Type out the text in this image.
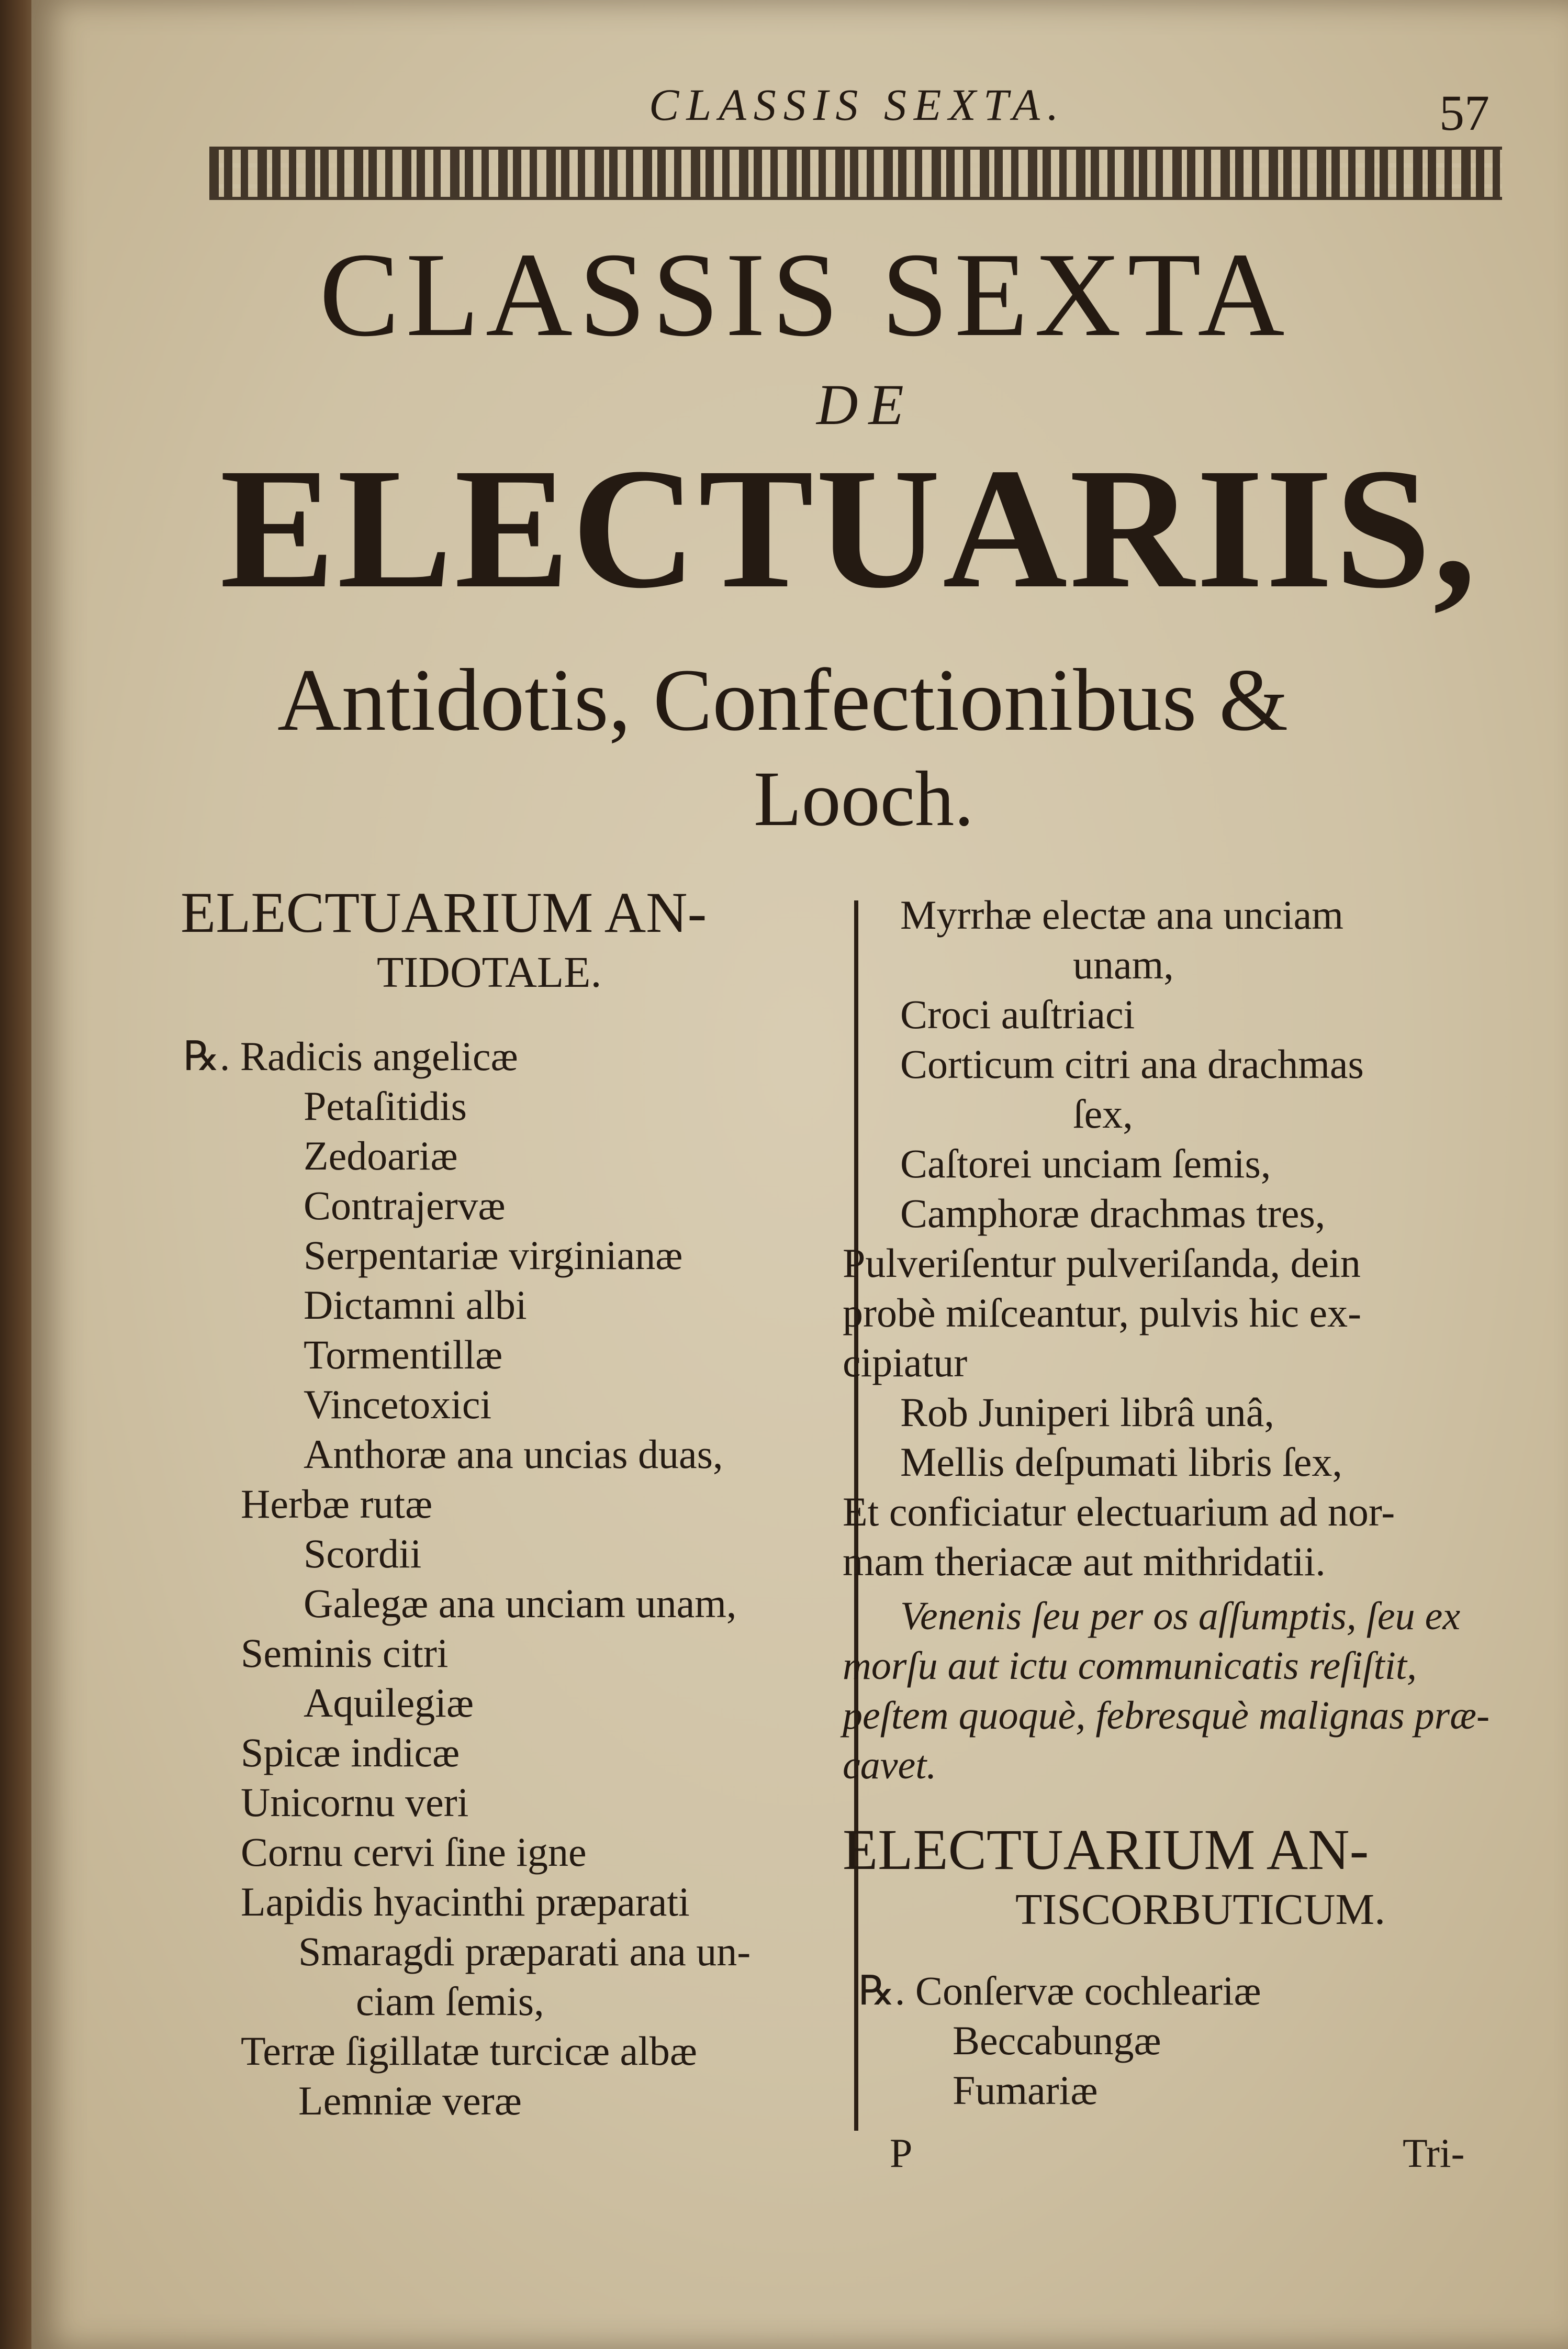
CLASSIS SEXTA.	57
CLASSIS SEXTA
DE
ELECTUARIIS,
Antidotis, Confectionibus &
Looch.
ELECTUARIUM AN-
TIDOTALE.
℞. Radicis angelicæ
Petaſitidis
Zedoariæ
Contrajervæ
Serpentariæ virginianæ
Dictamni albi
Tormentillæ
Vincetoxici
Anthoræ ana uncias duas,
Herbæ rutæ
Scordii
Galegæ ana unciam unam,
Seminis citri
Aquilegiæ
Spicæ indicæ
Unicornu veri
Cornu cervi ſine igne
Lapidis hyacinthi præparati
Smaragdi præparati ana un-
ciam ſemis,
Terræ ſigillatæ turcicæ albæ
Lemniæ veræ
Myrrhæ electæ ana unciam
unam,
Croci auſtriaci
Corticum citri ana drachmas
ſex,
Caſtorei unciam ſemis,
Camphoræ drachmas tres,
Pulveriſentur pulveriſanda, dein
probè miſceantur, pulvis hic ex-
cipiatur
Rob Juniperi librâ unâ,
Mellis deſpumati libris ſex,
Et conficiatur electuarium ad nor-
mam theriacæ aut mithridatii.
Venenis ſeu per os aſſumptis, ſeu ex
morſu aut ictu communicatis reſiſtit,
peſtem quoquè, febresquè malignas præ-
cavet.
ELECTUARIUM AN-
TISCORBUTICUM.
℞. Conſervæ cochleariæ
Beccabungæ
Fumariæ
P	Tri-
